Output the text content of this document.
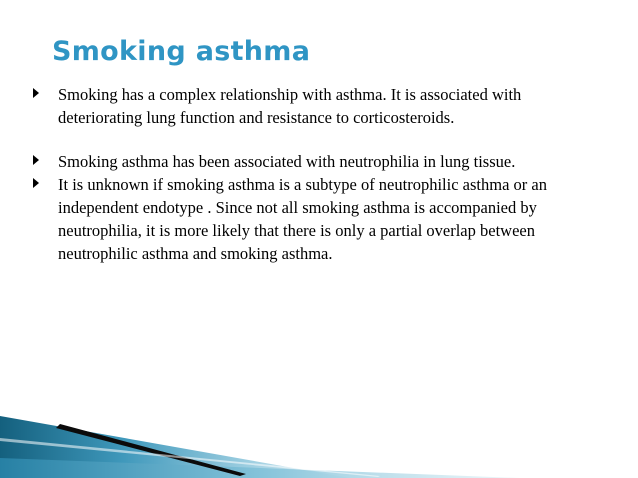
Smoking asthma
Smoking has a complex relationship with asthma. It is associated with deteriorating lung function and resistance to corticosteroids.
Smoking asthma has been associated with neutrophilia in lung tissue.
It is unknown if smoking asthma is a subtype of neutrophilic asthma or an independent endotype . Since not all smoking asthma is accompanied by neutrophilia, it is more likely that there is only a partial overlap between neutrophilic asthma and smoking asthma.
